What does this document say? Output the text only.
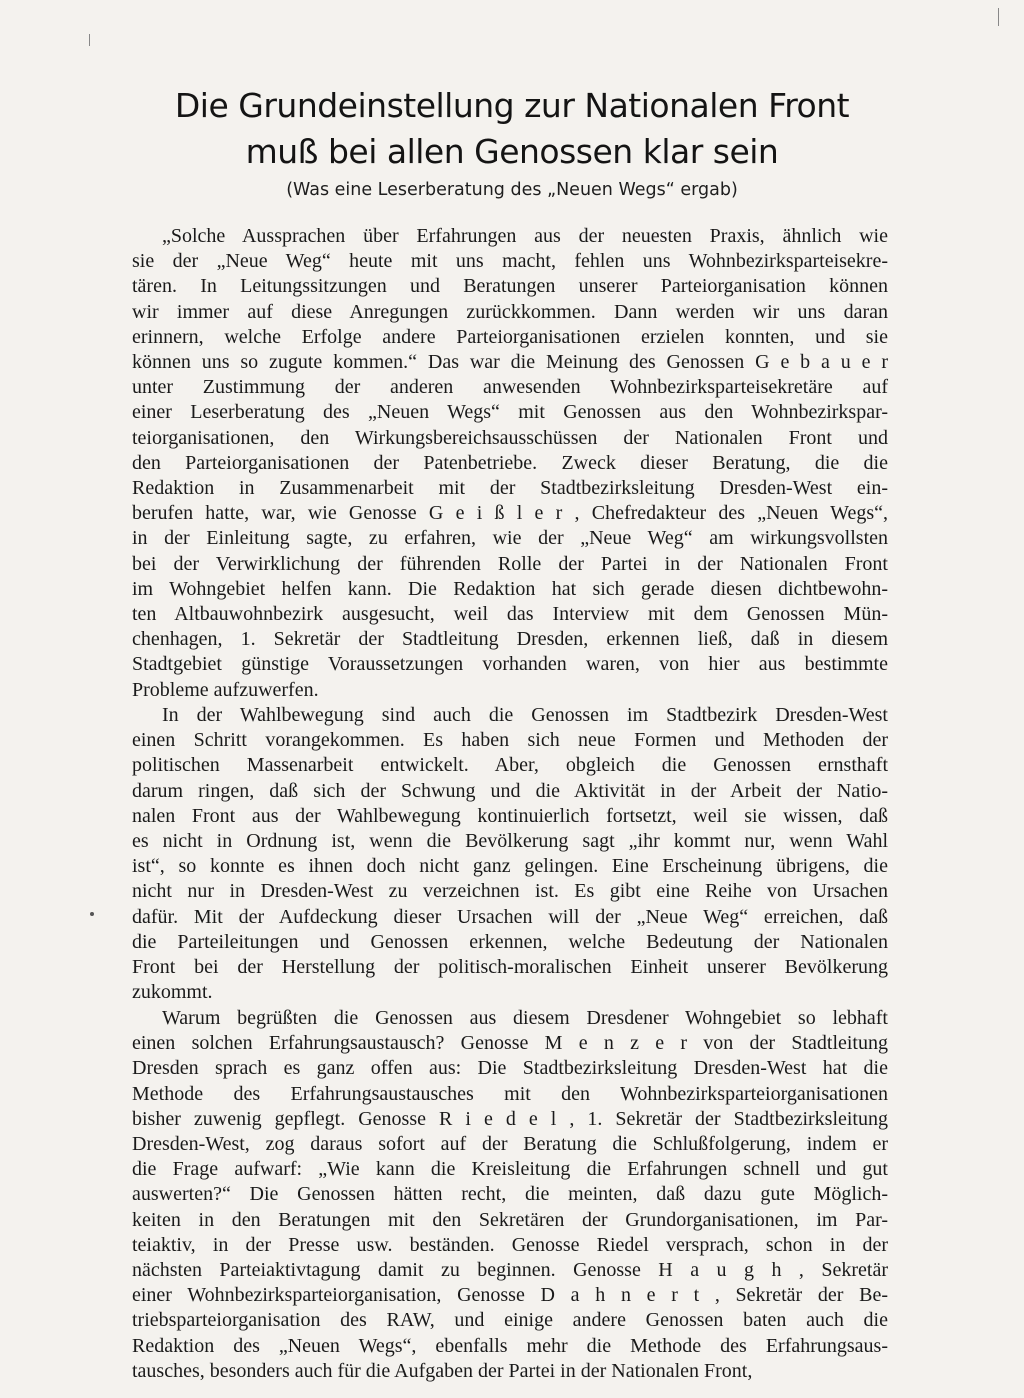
Die Grundeinstellung zur Nationalen Front
muß bei allen Genossen klar sein
(Was eine Leserberatung des „Neuen Wegs“ ergab)
„Solche Aussprachen über Erfahrungen aus der neuesten Praxis, ähnlich wie
sie der „Neue Weg“ heute mit uns macht, fehlen uns Wohnbezirksparteisekre-
tären. In Leitungssitzungen und Beratungen unserer Parteiorganisation können
wir immer auf diese Anregungen zurückkommen. Dann werden wir uns daran
erinnern, welche Erfolge andere Parteiorganisationen erzielen konnten, und sie
können uns so zugute kommen.“ Das war die Meinung des Genossen G e b a u e r
unter Zustimmung der anderen anwesenden Wohnbezirksparteisekretäre auf
einer Leserberatung des „Neuen Wegs“ mit Genossen aus den Wohnbezirkspar-
teiorganisationen, den Wirkungsbereichsausschüssen der Nationalen Front und
den Parteiorganisationen der Patenbetriebe. Zweck dieser Beratung, die die
Redaktion in Zusammenarbeit mit der Stadtbezirksleitung Dresden-West ein-
berufen hatte, war, wie Genosse G e i ß l e r , Chefredakteur des „Neuen Wegs“,
in der Einleitung sagte, zu erfahren, wie der „Neue Weg“ am wirkungsvollsten
bei der Verwirklichung der führenden Rolle der Partei in der Nationalen Front
im Wohngebiet helfen kann. Die Redaktion hat sich gerade diesen dichtbewohn-
ten Altbauwohnbezirk ausgesucht, weil das Interview mit dem Genossen Mün-
chenhagen, 1. Sekretär der Stadtleitung Dresden, erkennen ließ, daß in diesem
Stadtgebiet günstige Voraussetzungen vorhanden waren, von hier aus bestimmte
Probleme aufzuwerfen.
In der Wahlbewegung sind auch die Genossen im Stadtbezirk Dresden-West
einen Schritt vorangekommen. Es haben sich neue Formen und Methoden der
politischen Massenarbeit entwickelt. Aber, obgleich die Genossen ernsthaft
darum ringen, daß sich der Schwung und die Aktivität in der Arbeit der Natio-
nalen Front aus der Wahlbewegung kontinuierlich fortsetzt, weil sie wissen, daß
es nicht in Ordnung ist, wenn die Bevölkerung sagt „ihr kommt nur, wenn Wahl
ist“, so konnte es ihnen doch nicht ganz gelingen. Eine Erscheinung übrigens, die
nicht nur in Dresden-West zu verzeichnen ist. Es gibt eine Reihe von Ursachen
dafür. Mit der Aufdeckung dieser Ursachen will der „Neue Weg“ erreichen, daß
die Parteileitungen und Genossen erkennen, welche Bedeutung der Nationalen
Front bei der Herstellung der politisch-moralischen Einheit unserer Bevölkerung
zukommt.
Warum begrüßten die Genossen aus diesem Dresdener Wohngebiet so lebhaft
einen solchen Erfahrungsaustausch? Genosse M e n z e r von der Stadtleitung
Dresden sprach es ganz offen aus: Die Stadtbezirksleitung Dresden-West hat die
Methode des Erfahrungsaustausches mit den Wohnbezirksparteiorganisationen
bisher zuwenig gepflegt. Genosse R i e d e l , 1. Sekretär der Stadtbezirksleitung
Dresden-West, zog daraus sofort auf der Beratung die Schlußfolgerung, indem er
die Frage aufwarf: „Wie kann die Kreisleitung die Erfahrungen schnell und gut
auswerten?“ Die Genossen hätten recht, die meinten, daß dazu gute Möglich-
keiten in den Beratungen mit den Sekretären der Grundorganisationen, im Par-
teiaktiv, in der Presse usw. beständen. Genosse Riedel versprach, schon in der
nächsten Parteiaktivtagung damit zu beginnen. Genosse H a u g h , Sekretär
einer Wohnbezirksparteiorganisation, Genosse D a h n e r t , Sekretär der Be-
triebsparteiorganisation des RAW, und einige andere Genossen baten auch die
Redaktion des „Neuen Wegs“, ebenfalls mehr die Methode des Erfahrungsaus-
tausches, besonders auch für die Aufgaben der Partei in der Nationalen Front,
